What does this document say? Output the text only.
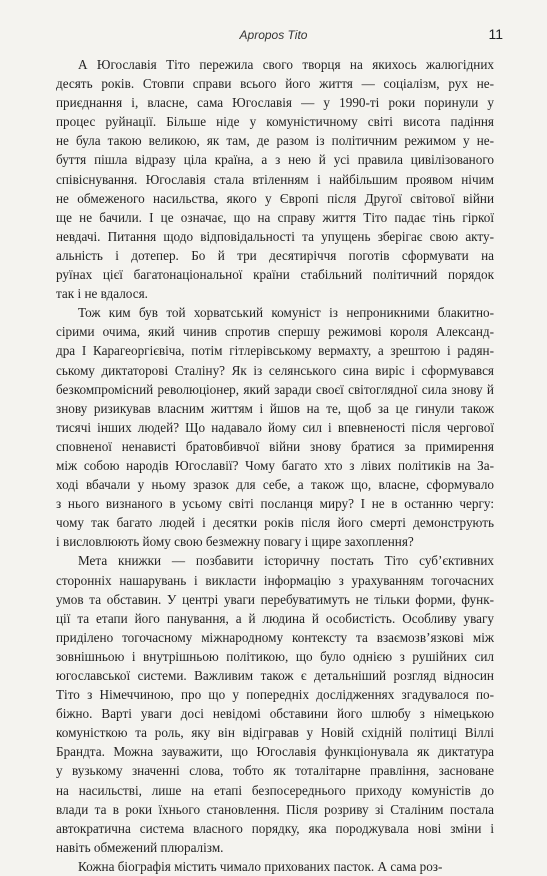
Apropos Tito	11
А Югославія Тіто пережила свого творця на якихось жалюгідних
десять років. Стовпи справи всього його життя — соціалізм, рух не-
приєднання і, власне, сама Югославія — у 1990-ті роки поринули у
процес руйнації. Більше ніде у комуністичному світі висота падіння
не була такою великою, як там, де разом із політичним режимом у не-
буття пішла відразу ціла країна, а з нею й усі правила цивілізованого
співіснування. Югославія стала втіленням і найбільшим проявом нічим
не обмеженого насильства, якого у Європі після Другої світової війни
ще не бачили. І це означає, що на справу життя Тіто падає тінь гіркої
невдачі. Питання щодо відповідальності та упущень зберігає свою акту-
альність і дотепер. Бо й три десятиріччя поготів сформувати на
руїнах цієї багатонаціональної країни стабільний політичний порядок
так і не вдалося.
Тож ким був той хорватський комуніст із непроникними блакитно-
сірими очима, який чинив спротив спершу режимові короля Александ-
дра І Карагеоргієвіча, потім гітлерівському вермахту, а зрештою і радян-
ському диктаторові Сталіну? Як із селянського сина виріс і сформувався
безкомпромісний революціонер, який заради своєї світоглядної сила знову й
знову ризикував власним життям і йшов на те, щоб за це гинули також
тисячі інших людей? Що надавало йому сил і впевненості після чергової
сповненої ненависті братовбивчої війни знову братися за примирення
між собою народів Югославії? Чому багато хто з лівих політиків на За-
ході вбачали у ньому зразок для себе, а також що, власне, сформувало
з нього визнаного в усьому світі посланця миру? І не в останню чергу:
чому так багато людей і десятки років після його смерті демонструють
і висловлюють йому свою безмежну повагу і щире захоплення?
Мета книжки — позбавити історичну постать Тіто суб’єктивних
сторонніх нашарувань і викласти інформацію з урахуванням тогочасних
умов та обставин. У центрі уваги перебуватимуть не тільки форми, функ-
ції та етапи його панування, а й людина й особистість. Особливу увагу
приділено тогочасному міжнародному контексту та взаємозв’язкові між
зовнішньою і внутрішньою політикою, що було однією з рушійних сил
югославської системи. Важливим також є детальніший розгляд відносин
Тіто з Німеччиною, про що у попередніх дослідженнях згадувалося по-
біжно. Варті уваги досі невідомі обставини його шлюбу з німецькою
комуністкою та роль, яку він відігравав у Новій східній політиці Віллі
Брандта. Можна зауважити, що Югославія функціонувала як диктатура
у вузькому значенні слова, тобто як тоталітарне правління, засноване
на насильстві, лише на етапі безпосереднього приходу комуністів до
влади та в роки їхнього становлення. Після розриву зі Сталіним постала
автократична система власного порядку, яка породжувала нові зміни і
навіть обмежений плюралізм.
Кожна біографія містить чимало прихованих пасток. А сама роз-
